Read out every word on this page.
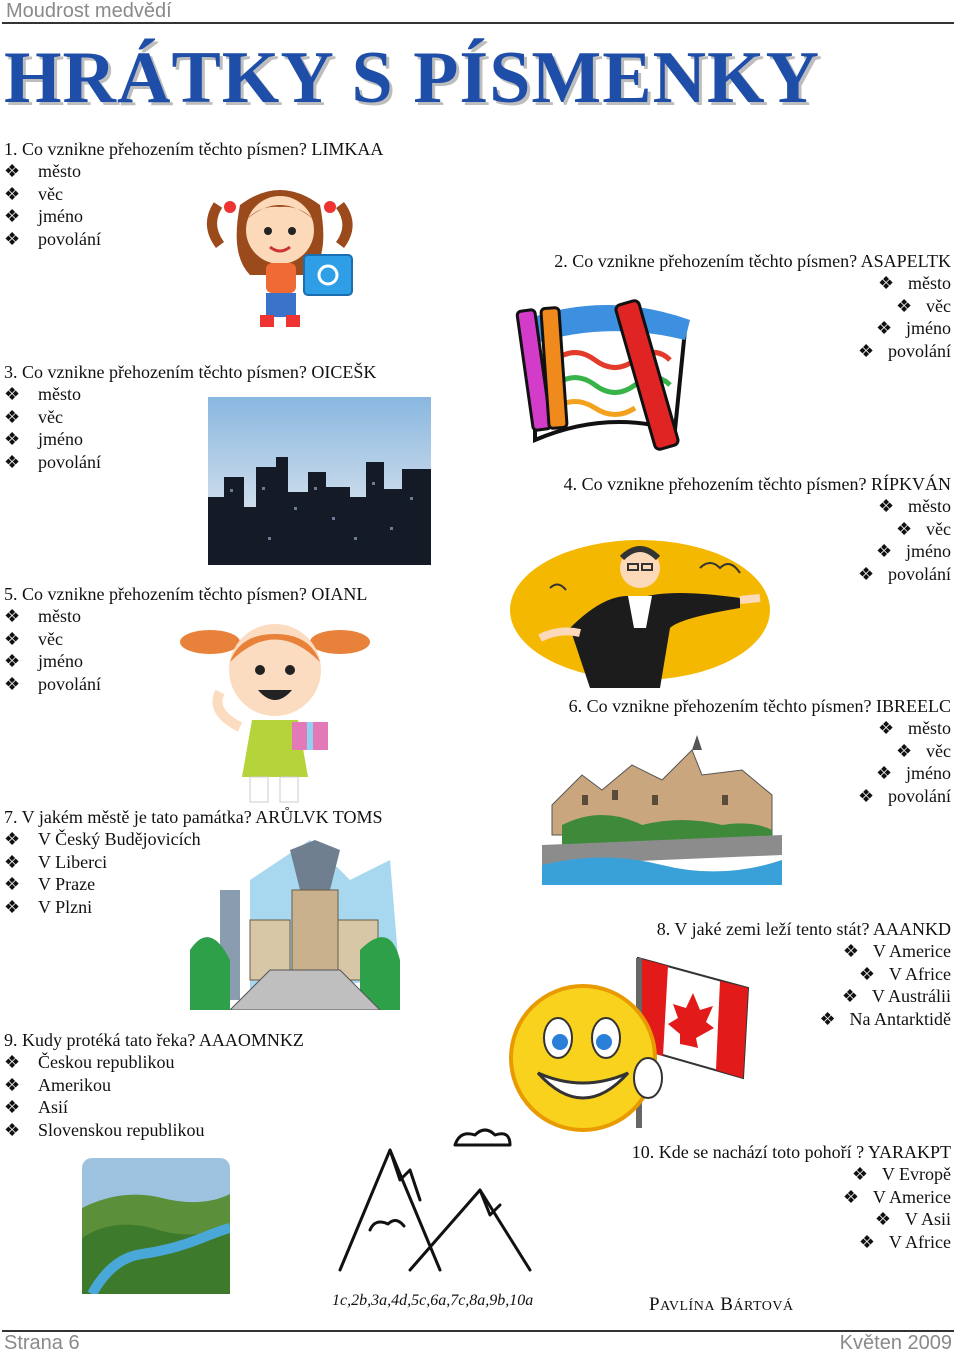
Moudrost medvědí
HRÁTKY S PÍSMENKY
1. Co vznikne přehozením těchto písmen? LIMKAA
❖ město
❖ věc
❖ jméno
❖ povolání
3. Co vznikne přehozením těchto písmen? OICEŠK
❖ město
❖ věc
❖ jméno
❖ povolání
5. Co vznikne přehozením těchto písmen? OIANL
❖ město
❖ věc
❖ jméno
❖ povolání
7. V jakém městě je tato památka? ARŮLVK TOMS
❖ V Český Budějovicích
❖ V Liberci
❖ V Praze
❖ V Plzni
9. Kudy protéká tato řeka? AAAOMNKZ
❖ Českou republikou
❖ Amerikou
❖ Asií
❖ Slovenskou republikou
2. Co vznikne přehozením těchto písmen? ASAPELTK
❖ město
❖ věc
❖ jméno
❖ povolání
4. Co vznikne přehozením těchto písmen? RÍPKVÁN
❖ město
❖ věc
❖ jméno
❖ povolání
6. Co vznikne přehozením těchto písmen? IBREELC
❖ město
❖ věc
❖ jméno
❖ povolání
8. V jaké zemi leží tento stát? AAANKD
❖ V Americe
❖ V Africe
❖ V Austrálii
❖ Na Antarktidě
10. Kde se nachází toto pohoří ? YARAKPT
❖ V Evropě
❖ V Americe
❖ V Asii
❖ V Africe
1c,2b,3a,4d,5c,6a,7c,8a,9b,10a	PAVLÍNA BÁRTOVÁ
Strana 6	Květen 2009
